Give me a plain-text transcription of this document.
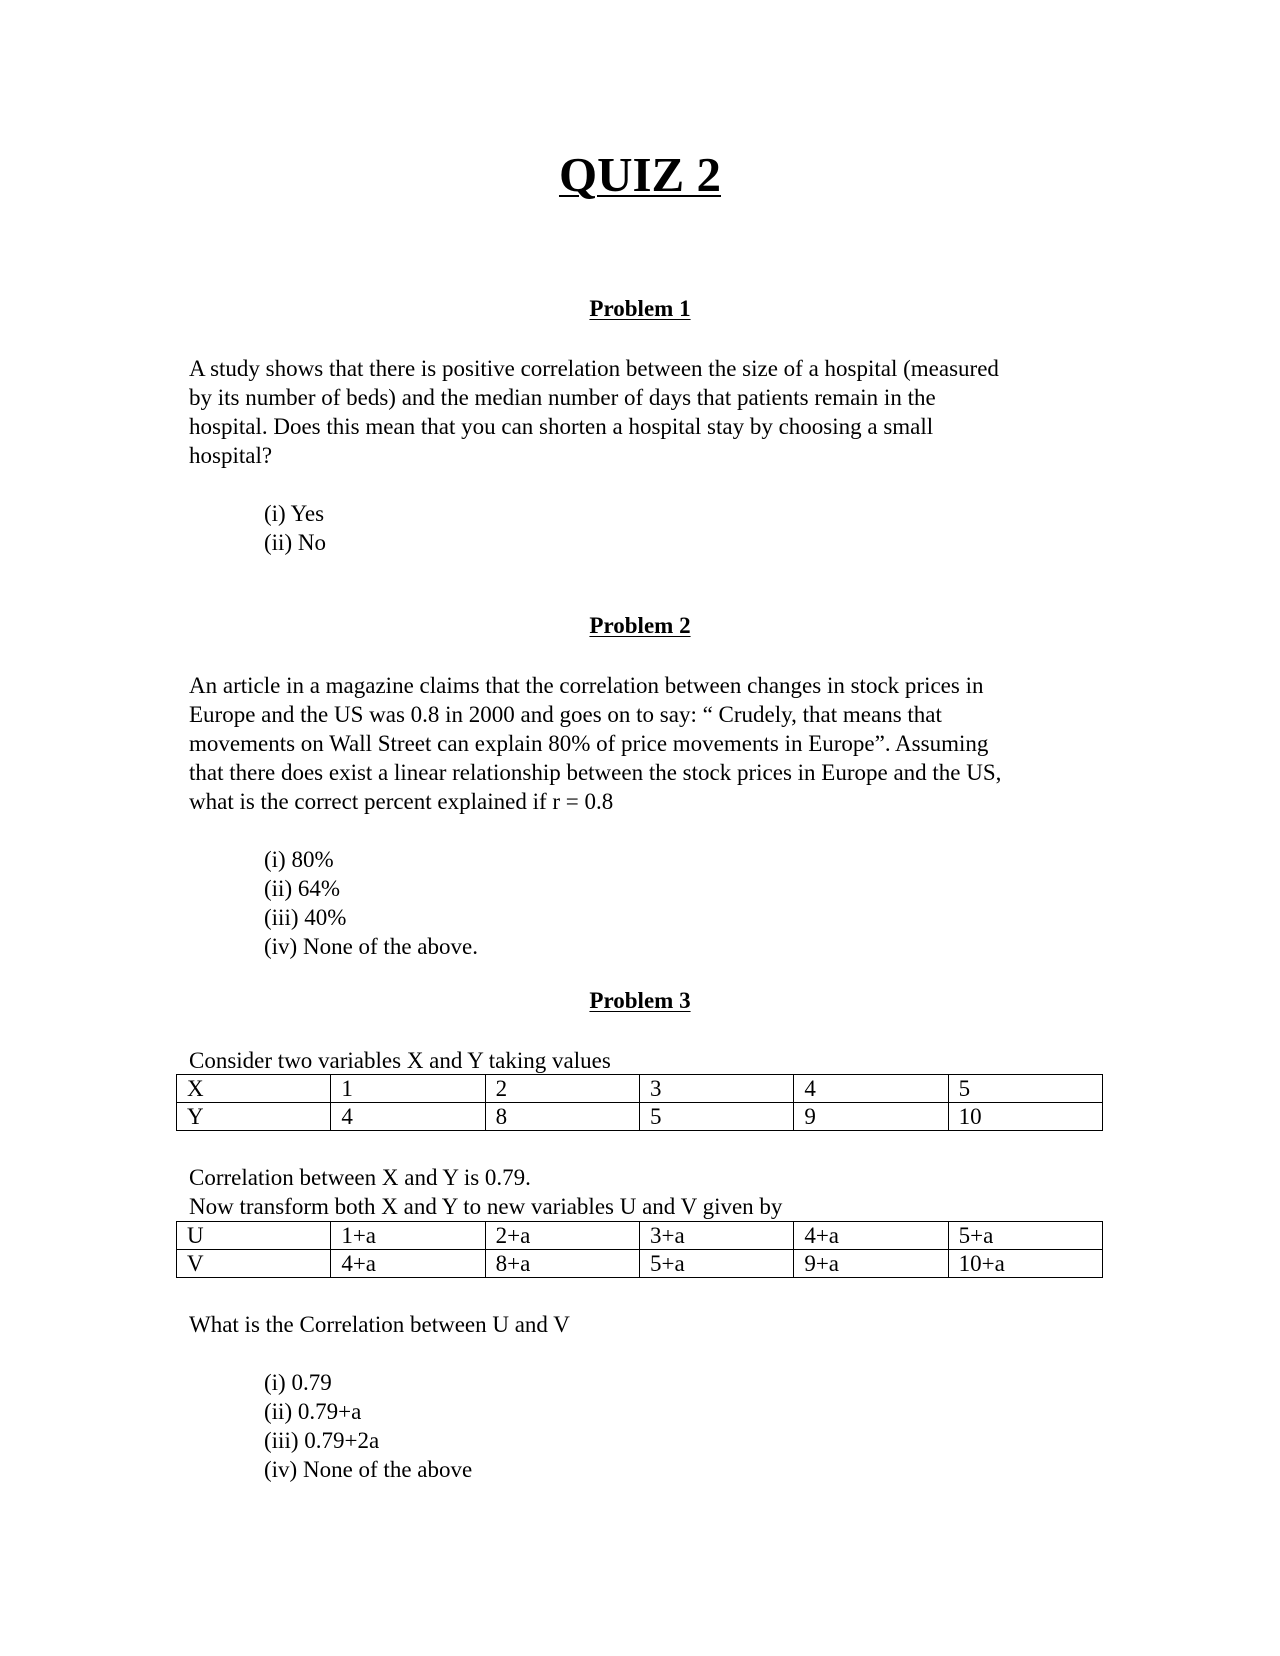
QUIZ 2
Problem 1
A study shows that there is positive correlation between the size of a hospital (measured
by its number of beds) and the median number of days that patients remain in the
hospital. Does this mean that you can shorten a hospital stay by choosing a small
hospital?
(i) Yes
(ii) No
Problem 2
An article in a magazine claims that the correlation between changes in stock prices in
Europe and the US was 0.8 in 2000 and goes on to say: “ Crudely, that means that
movements on Wall Street can explain 80% of price movements in Europe”. Assuming
that there does exist a linear relationship between the stock prices in Europe and the US,
what is the correct percent explained if r = 0.8
(i) 80%
(ii) 64%
(iii) 40%
(iv) None of the above.
Problem 3
Consider two variables X and Y taking values
X	1	2	3	4	5
Y	4	8	5	9	10
Correlation between X and Y is 0.79.
Now transform both X and Y to new variables U and V given by
U	1+a	2+a	3+a	4+a	5+a
V	4+a	8+a	5+a	9+a	10+a
What is the Correlation between U and V
(i) 0.79
(ii) 0.79+a
(iii) 0.79+2a
(iv) None of the above
